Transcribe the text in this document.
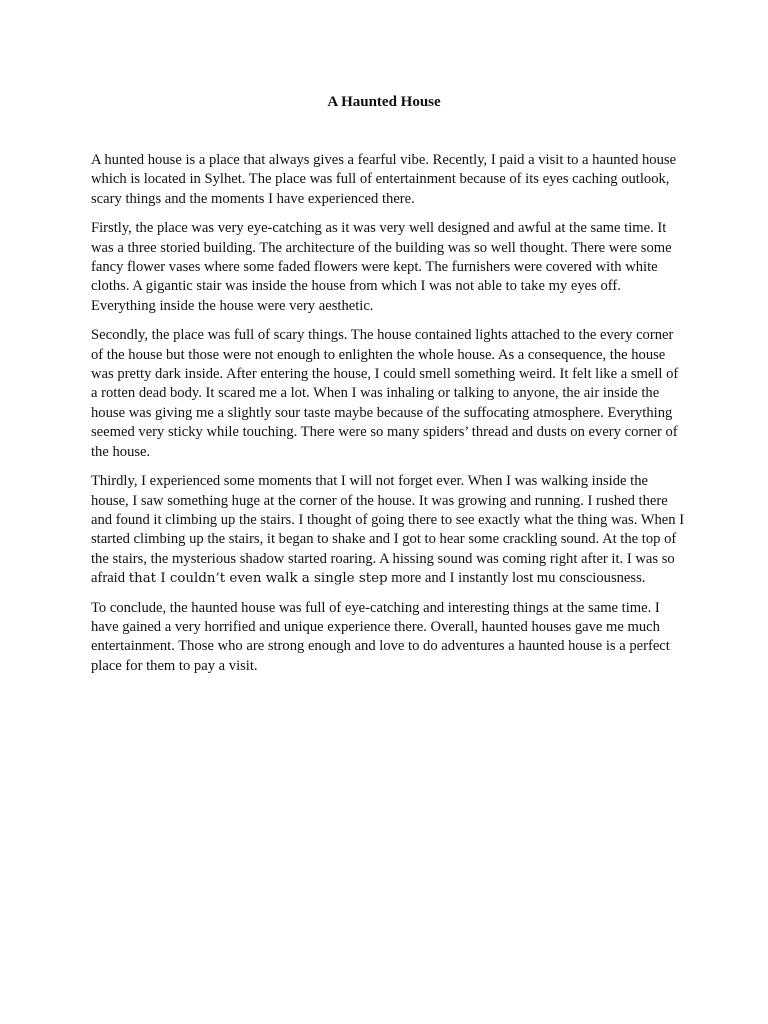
A Haunted House

A hunted house is a place that always gives a fearful vibe. Recently, I paid a visit to a haunted house which is located in Sylhet. The place was full of entertainment because of its eyes caching outlook, scary things and the moments I have experienced there.

Firstly, the place was very eye-catching as it was very well designed and awful at the same time. It was a three storied building. The architecture of the building was so well thought. There were some fancy flower vases where some faded flowers were kept. The furnishers were covered with white cloths. A gigantic stair was inside the house from which I was not able to take my eyes off. Everything inside the house were very aesthetic.

Secondly, the place was full of scary things. The house contained lights attached to the every corner of the house but those were not enough to enlighten the whole house. As a consequence, the house was pretty dark inside. After entering the house, I could smell something weird. It felt like a smell of a rotten dead body. It scared me a lot. When I was inhaling or talking to anyone, the air inside the house was giving me a slightly sour taste maybe because of the suffocating atmosphere. Everything seemed very sticky while touching. There were so many spiders’ thread and dusts on every corner of the house.

Thirdly, I experienced some moments that I will not forget ever. When I was walking inside the house, I saw something huge at the corner of the house. It was growing and running. I rushed there and found it climbing up the stairs. I thought of going there to see exactly what the thing was. When I started climbing up the stairs, it began to shake and I got to hear some crackling sound. At the top of the stairs, the mysterious shadow started roaring. A hissing sound was coming right after it. I was so afraid that I couldn’t even walk a single step more and I instantly lost mu consciousness.

To conclude, the haunted house was full of eye-catching and interesting things at the same time. I have gained a very horrified and unique experience there. Overall, haunted houses gave me much entertainment. Those who are strong enough and love to do adventures a haunted house is a perfect place for them to pay a visit.
